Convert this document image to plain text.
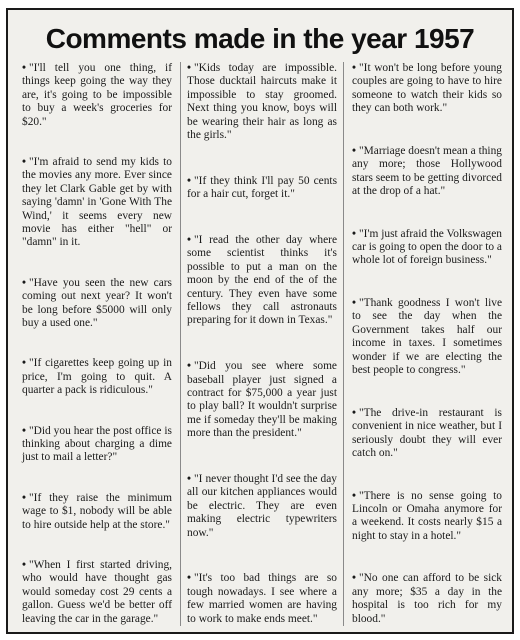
Comments made in the year 1957

• "I'll tell you one thing, if things keep going the way they are, it's going to be impossible to buy a week's groceries for $20."

• "I'm afraid to send my kids to the movies any more. Ever since they let Clark Gable get by with saying 'damn' in 'Gone With The Wind,' it seems every new movie has either "hell" or "damn" in it.

• "Have you seen the new cars coming out next year? It won't be long before $5000 will only buy a used one."

• "If cigarettes keep going up in price, I'm going to quit. A quarter a pack is ridiculous."

• "Did you hear the post office is thinking about charging a dime just to mail a letter?"

• "If they raise the minimum wage to $1, nobody will be able to hire outside help at the store."

• "When I first started driving, who would have thought gas would someday cost 29 cents a gallon. Guess we'd be better off leaving the car in the garage."

• "Kids today are impossible. Those ducktail haircuts make it impossible to stay groomed. Next thing you know, boys will be wearing their hair as long as the girls."

• "If they think I'll pay 50 cents for a hair cut, forget it."

• "I read the other day where some scientist thinks it's possible to put a man on the moon by the end of the of the century. They even have some fellows they call astronauts preparing for it down in Texas."

• "Did you see where some baseball player just signed a contract for $75,000 a year just to play ball? It wouldn't surprise me if someday they'll be making more than the president."

• "I never thought I'd see the day all our kitchen appliances would be electric. They are even making electric typewriters now."

• "It's too bad things are so tough nowadays. I see where a few married women are having to work to make ends meet."

• "It won't be long before young couples are going to have to hire someone to watch their kids so they can both work."

• "Marriage doesn't mean a thing any more; those Hollywood stars seem to be getting divorced at the drop of a hat."

• "I'm just afraid the Volkswagen car is going to open the door to a whole lot of foreign business."

• "Thank goodness I won't live to see the day when the Government takes half our income in taxes. I sometimes wonder if we are electing the best people to congress."

• "The drive-in restaurant is convenient in nice weather, but I seriously doubt they will ever catch on."

• "There is no sense going to Lincoln or Omaha anymore for a weekend. It costs nearly $15 a night to stay in a hotel."

• "No one can afford to be sick any more; $35 a day in the hospital is too rich for my blood."
